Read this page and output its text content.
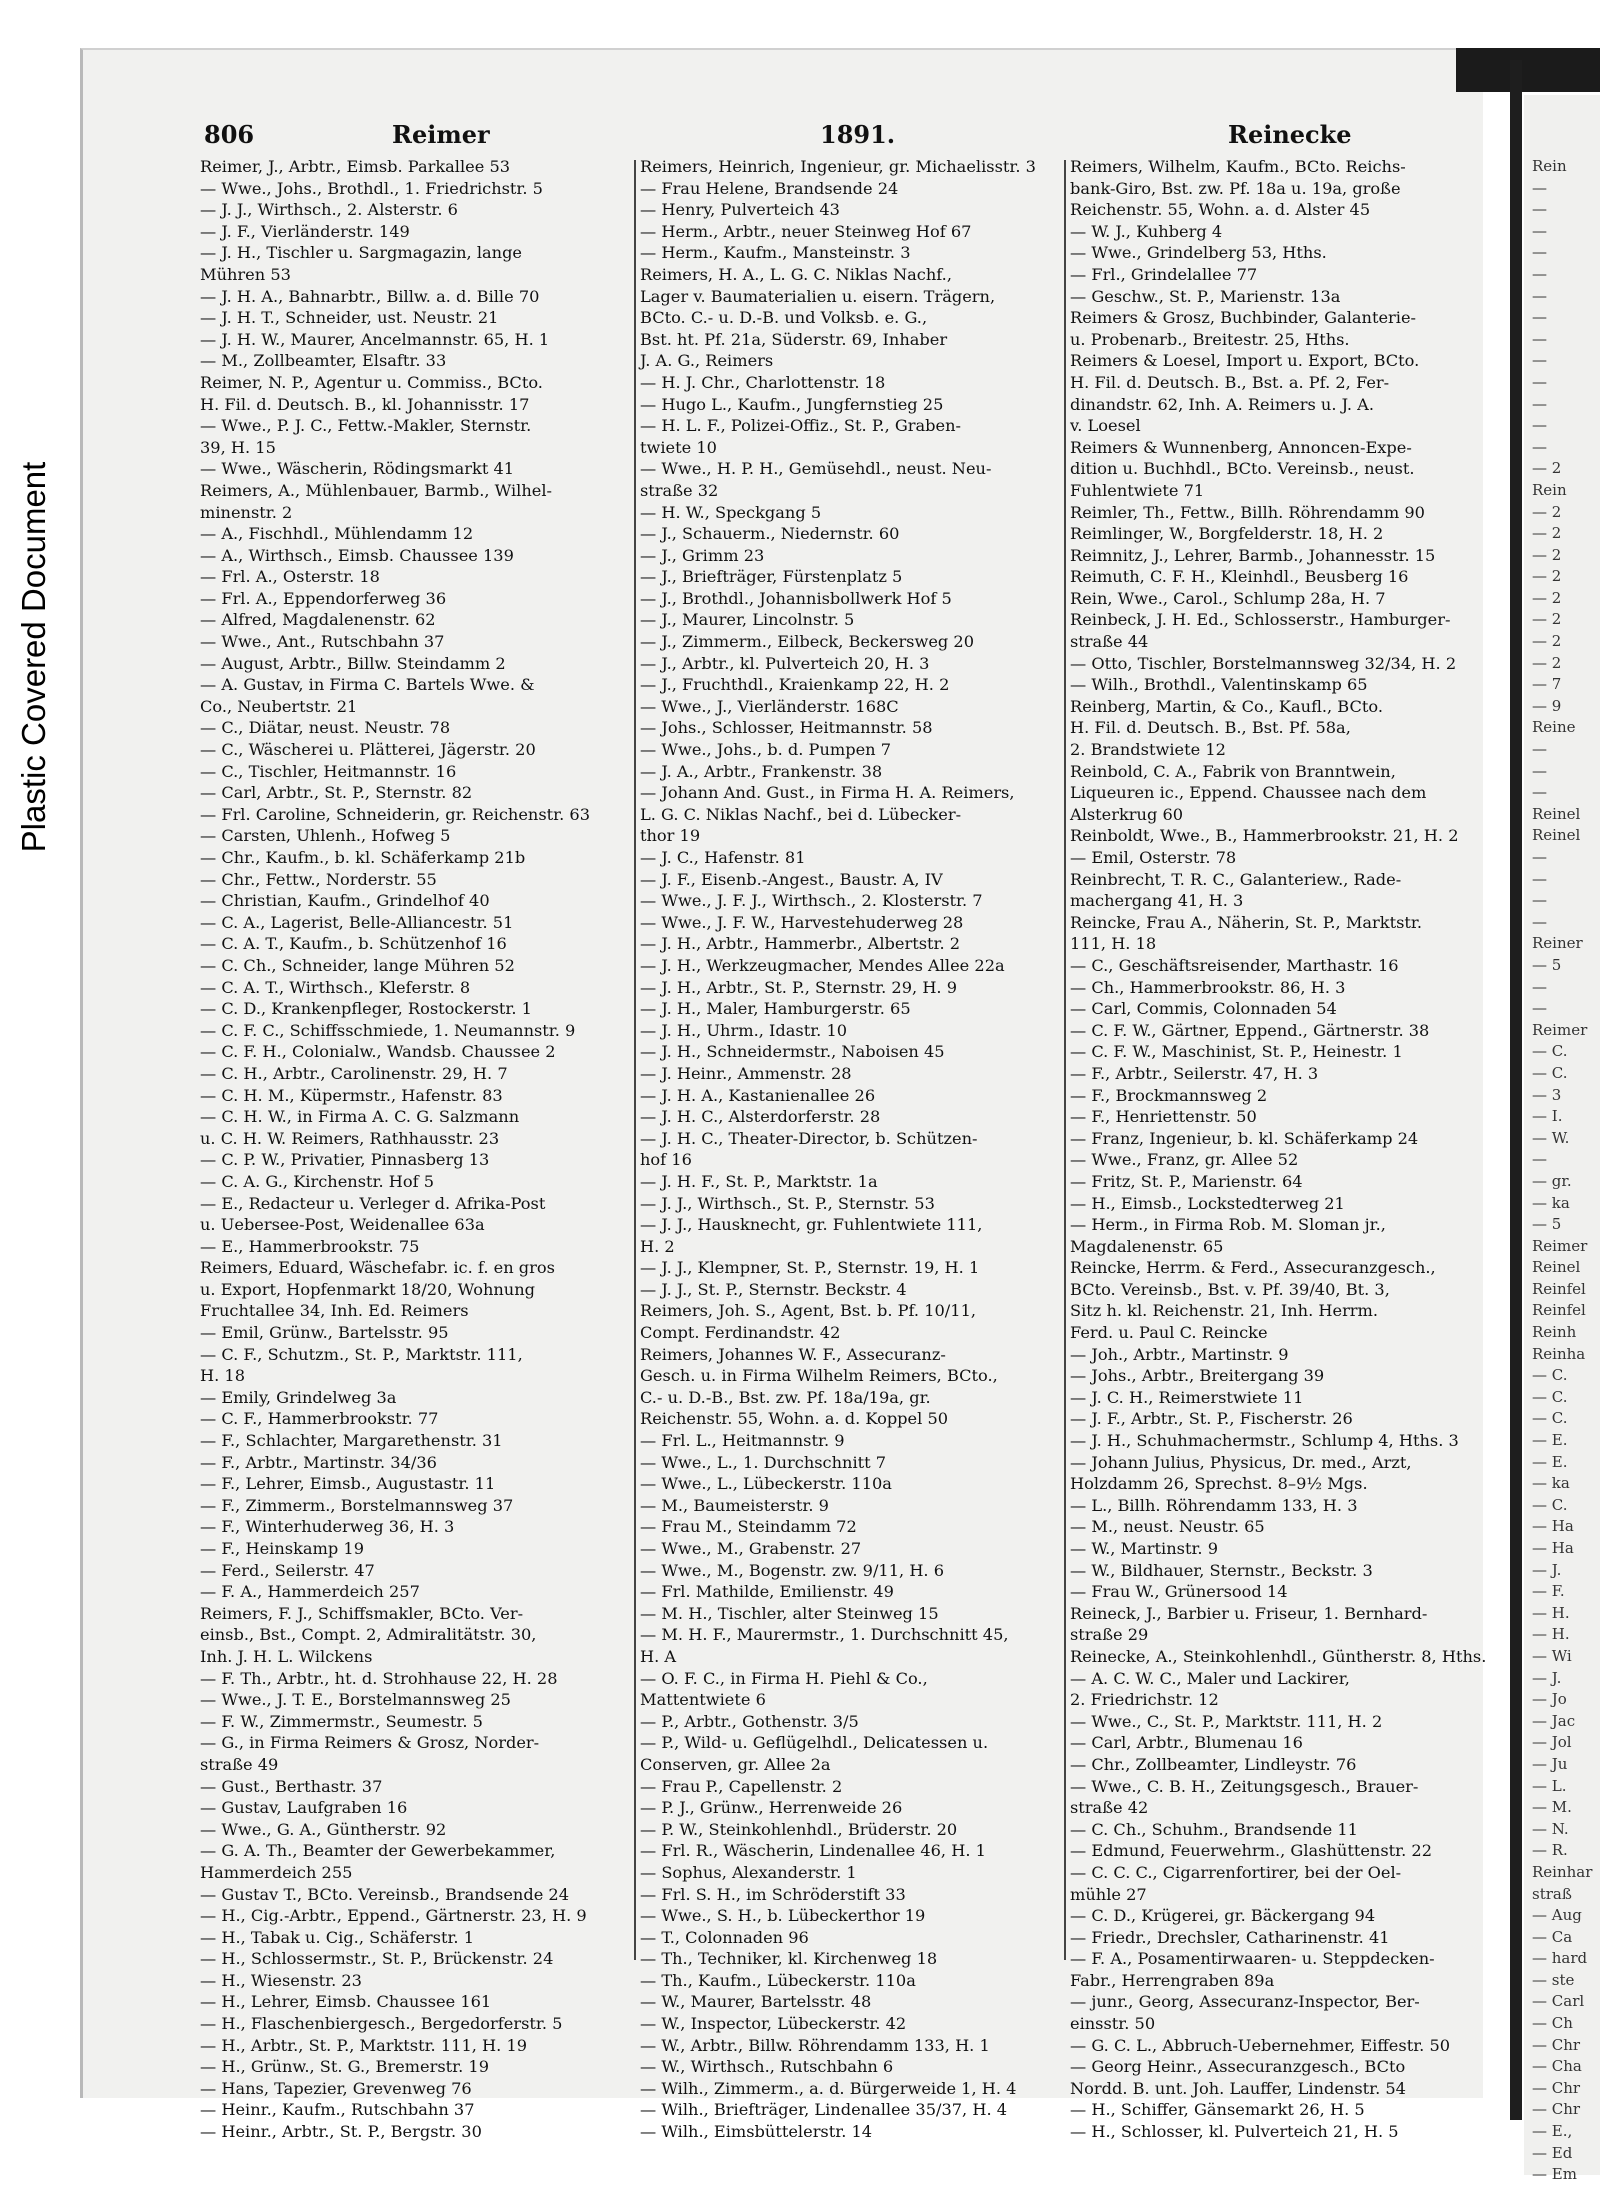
Plastic Covered Document
806	Reimer	1891.	Reinecke
Reimer, J., Arbtr., Eimsb. Parkallee 53
— Wwe., Johs., Brothdl., 1. Friedrichstr. 5
— J. J., Wirthsch., 2. Alsterstr. 6
— J. F., Vierländerstr. 149
— J. H., Tischler u. Sargmagazin, lange
Mühren 53
— J. H. A., Bahnarbtr., Billw. a. d. Bille 70
— J. H. T., Schneider, ust. Neustr. 21
— J. H. W., Maurer, Ancelmannstr. 65, H. 1
— M., Zollbeamter, Elsaftr. 33
Reimer, N. P., Agentur u. Commiss., BCto.
H. Fil. d. Deutsch. B., kl. Johannisstr. 17
— Wwe., P. J. C., Fettw.-Makler, Sternstr.
39, H. 15
— Wwe., Wäscherin, Rödingsmarkt 41
Reimers, A., Mühlenbauer, Barmb., Wilhel-
minenstr. 2
— A., Fischhdl., Mühlendamm 12
— A., Wirthsch., Eimsb. Chaussee 139
— Frl. A., Osterstr. 18
— Frl. A., Eppendorferweg 36
— Alfred, Magdalenenstr. 62
— Wwe., Ant., Rutschbahn 37
— August, Arbtr., Billw. Steindamm 2
— A. Gustav, in Firma C. Bartels Wwe. &
Co., Neubertstr. 21
— C., Diätar, neust. Neustr. 78
— C., Wäscherei u. Plätterei, Jägerstr. 20
— C., Tischler, Heitmannstr. 16
— Carl, Arbtr., St. P., Sternstr. 82
— Frl. Caroline, Schneiderin, gr. Reichenstr. 63
— Carsten, Uhlenh., Hofweg 5
— Chr., Kaufm., b. kl. Schäferkamp 21b
— Chr., Fettw., Norderstr. 55
— Christian, Kaufm., Grindelhof 40
— C. A., Lagerist, Belle-Alliancestr. 51
— C. A. T., Kaufm., b. Schützenhof 16
— C. Ch., Schneider, lange Mühren 52
— C. A. T., Wirthsch., Kleferstr. 8
— C. D., Krankenpfleger, Rostockerstr. 1
— C. F. C., Schiffsschmiede, 1. Neumannstr. 9
— C. F. H., Colonialw., Wandsb. Chaussee 2
— C. H., Arbtr., Carolinenstr. 29, H. 7
— C. H. M., Küpermstr., Hafenstr. 83
— C. H. W., in Firma A. C. G. Salzmann
u. C. H. W. Reimers, Rathhausstr. 23
— C. P. W., Privatier, Pinnasberg 13
— C. A. G., Kirchenstr. Hof 5
— E., Redacteur u. Verleger d. Afrika-Post
u. Uebersee-Post, Weidenallee 63a
— E., Hammerbrookstr. 75
Reimers, Eduard, Wäschefabr. ic. f. en gros
u. Export, Hopfenmarkt 18/20, Wohnung
Fruchtallee 34, Inh. Ed. Reimers
— Emil, Grünw., Bartelsstr. 95
— C. F., Schutzm., St. P., Marktstr. 111,
H. 18
— Emily, Grindelweg 3a
— C. F., Hammerbrookstr. 77
— F., Schlachter, Margarethenstr. 31
— F., Arbtr., Martinstr. 34/36
— F., Lehrer, Eimsb., Augustastr. 11
— F., Zimmerm., Borstelmannsweg 37
— F., Winterhuderweg 36, H. 3
— F., Heinskamp 19
— Ferd., Seilerstr. 47
— F. A., Hammerdeich 257
Reimers, F. J., Schiffsmakler, BCto. Ver-
einsb., Bst., Compt. 2, Admiralitätstr. 30,
Inh. J. H. L. Wilckens
— F. Th., Arbtr., ht. d. Strohhause 22, H. 28
— Wwe., J. T. E., Borstelmannsweg 25
— F. W., Zimmermstr., Seumestr. 5
— G., in Firma Reimers & Grosz, Norder-
straße 49
— Gust., Berthastr. 37
— Gustav, Laufgraben 16
— Wwe., G. A., Güntherstr. 92
— G. A. Th., Beamter der Gewerbekammer,
Hammerdeich 255
— Gustav T., BCto. Vereinsb., Brandsende 24
— H., Cig.-Arbtr., Eppend., Gärtnerstr. 23, H. 9
— H., Tabak u. Cig., Schäferstr. 1
— H., Schlossermstr., St. P., Brückenstr. 24
— H., Wiesenstr. 23
— H., Lehrer, Eimsb. Chaussee 161
— H., Flaschenbiergesch., Bergedorferstr. 5
— H., Arbtr., St. P., Marktstr. 111, H. 19
— H., Grünw., St. G., Bremerstr. 19
— Hans, Tapezier, Grevenweg 76
— Heinr., Kaufm., Rutschbahn 37
— Heinr., Arbtr., St. P., Bergstr. 30
Reimers, Heinrich, Ingenieur, gr. Michaelisstr. 3
— Frau Helene, Brandsende 24
— Henry, Pulverteich 43
— Herm., Arbtr., neuer Steinweg Hof 67
— Herm., Kaufm., Mansteinstr. 3
Reimers, H. A., L. G. C. Niklas Nachf.,
Lager v. Baumaterialien u. eisern. Trägern,
BCto. C.- u. D.-B. und Volksb. e. G.,
Bst. ht. Pf. 21a, Süderstr. 69, Inhaber
J. A. G., Reimers
— H. J. Chr., Charlottenstr. 18
— Hugo L., Kaufm., Jungfernstieg 25
— H. L. F., Polizei-Offiz., St. P., Graben-
twiete 10
— Wwe., H. P. H., Gemüsehdl., neust. Neu-
straße 32
— H. W., Speckgang 5
— J., Schauerm., Niedernstr. 60
— J., Grimm 23
— J., Briefträger, Fürstenplatz 5
— J., Brothdl., Johannisbollwerk Hof 5
— J., Maurer, Lincolnstr. 5
— J., Zimmerm., Eilbeck, Beckersweg 20
— J., Arbtr., kl. Pulverteich 20, H. 3
— J., Fruchthdl., Kraienkamp 22, H. 2
— Wwe., J., Vierländerstr. 168C
— Johs., Schlosser, Heitmannstr. 58
— Wwe., Johs., b. d. Pumpen 7
— J. A., Arbtr., Frankenstr. 38
— Johann And. Gust., in Firma H. A. Reimers,
L. G. C. Niklas Nachf., bei d. Lübecker-
thor 19
— J. C., Hafenstr. 81
— J. F., Eisenb.-Angest., Baustr. A, IV
— Wwe., J. F. J., Wirthsch., 2. Klosterstr. 7
— Wwe., J. F. W., Harvestehuderweg 28
— J. H., Arbtr., Hammerbr., Albertstr. 2
— J. H., Werkzeugmacher, Mendes Allee 22a
— J. H., Arbtr., St. P., Sternstr. 29, H. 9
— J. H., Maler, Hamburgerstr. 65
— J. H., Uhrm., Idastr. 10
— J. H., Schneidermstr., Naboisen 45
— J. Heinr., Ammenstr. 28
— J. H. A., Kastanienallee 26
— J. H. C., Alsterdorferstr. 28
— J. H. C., Theater-Director, b. Schützen-
hof 16
— J. H. F., St. P., Marktstr. 1a
— J. J., Wirthsch., St. P., Sternstr. 53
— J. J., Hausknecht, gr. Fuhlentwiete 111,
H. 2
— J. J., Klempner, St. P., Sternstr. 19, H. 1
— J. J., St. P., Sternstr. Beckstr. 4
Reimers, Joh. S., Agent, Bst. b. Pf. 10/11,
Compt. Ferdinandstr. 42
Reimers, Johannes W. F., Assecuranz-
Gesch. u. in Firma Wilhelm Reimers, BCto.,
C.- u. D.-B., Bst. zw. Pf. 18a/19a, gr.
Reichenstr. 55, Wohn. a. d. Koppel 50
— Frl. L., Heitmannstr. 9
— Wwe., L., 1. Durchschnitt 7
— Wwe., L., Lübeckerstr. 110a
— M., Baumeisterstr. 9
— Frau M., Steindamm 72
— Wwe., M., Grabenstr. 27
— Wwe., M., Bogenstr. zw. 9/11, H. 6
— Frl. Mathilde, Emilienstr. 49
— M. H., Tischler, alter Steinweg 15
— M. H. F., Maurermstr., 1. Durchschnitt 45,
H. A
— O. F. C., in Firma H. Piehl & Co.,
Mattentwiete 6
— P., Arbtr., Gothenstr. 3/5
— P., Wild- u. Geflügelhdl., Delicatessen u.
Conserven, gr. Allee 2a
— Frau P., Capellenstr. 2
— P. J., Grünw., Herrenweide 26
— P. W., Steinkohlenhdl., Brüderstr. 20
— Frl. R., Wäscherin, Lindenallee 46, H. 1
— Sophus, Alexanderstr. 1
— Frl. S. H., im Schröderstift 33
— Wwe., S. H., b. Lübeckerthor 19
— T., Colonnaden 96
— Th., Techniker, kl. Kirchenweg 18
— Th., Kaufm., Lübeckerstr. 110a
— W., Maurer, Bartelsstr. 48
— W., Inspector, Lübeckerstr. 42
— W., Arbtr., Billw. Röhrendamm 133, H. 1
— W., Wirthsch., Rutschbahn 6
— Wilh., Zimmerm., a. d. Bürgerweide 1, H. 4
— Wilh., Briefträger, Lindenallee 35/37, H. 4
— Wilh., Eimsbüttelerstr. 14
Reimers, Wilhelm, Kaufm., BCto. Reichs-
bank-Giro, Bst. zw. Pf. 18a u. 19a, große
Reichenstr. 55, Wohn. a. d. Alster 45
— W. J., Kuhberg 4
— Wwe., Grindelberg 53, Hths.
— Frl., Grindelallee 77
— Geschw., St. P., Marienstr. 13a
Reimers & Grosz, Buchbinder, Galanterie-
u. Probenarb., Breitestr. 25, Hths.
Reimers & Loesel, Import u. Export, BCto.
H. Fil. d. Deutsch. B., Bst. a. Pf. 2, Fer-
dinandstr. 62, Inh. A. Reimers u. J. A.
v. Loesel
Reimers & Wunnenberg, Annoncen-Expe-
dition u. Buchhdl., BCto. Vereinsb., neust.
Fuhlentwiete 71
Reimler, Th., Fettw., Billh. Röhrendamm 90
Reimlinger, W., Borgfelderstr. 18, H. 2
Reimnitz, J., Lehrer, Barmb., Johannesstr. 15
Reimuth, C. F. H., Kleinhdl., Beusberg 16
Rein, Wwe., Carol., Schlump 28a, H. 7
Reinbeck, J. H. Ed., Schlosserstr., Hamburger-
straße 44
— Otto, Tischler, Borstelmannsweg 32/34, H. 2
— Wilh., Brothdl., Valentinskamp 65
Reinberg, Martin, & Co., Kaufl., BCto.
H. Fil. d. Deutsch. B., Bst. Pf. 58a,
2. Brandstwiete 12
Reinbold, C. A., Fabrik von Branntwein,
Liqueuren ic., Eppend. Chaussee nach dem
Alsterkrug 60
Reinboldt, Wwe., B., Hammerbrookstr. 21, H. 2
— Emil, Osterstr. 78
Reinbrecht, T. R. C., Galanteriew., Rade-
machergang 41, H. 3
Reincke, Frau A., Näherin, St. P., Marktstr.
111, H. 18
— C., Geschäftsreisender, Marthastr. 16
— Ch., Hammerbrookstr. 86, H. 3
— Carl, Commis, Colonnaden 54
— C. F. W., Gärtner, Eppend., Gärtnerstr. 38
— C. F. W., Maschinist, St. P., Heinestr. 1
— F., Arbtr., Seilerstr. 47, H. 3
— F., Brockmannsweg 2
— F., Henriettenstr. 50
— Franz, Ingenieur, b. kl. Schäferkamp 24
— Wwe., Franz, gr. Allee 52
— Fritz, St. P., Marienstr. 64
— H., Eimsb., Lockstedterweg 21
— Herm., in Firma Rob. M. Sloman jr.,
Magdalenenstr. 65
Reincke, Herrm. & Ferd., Assecuranzgesch.,
BCto. Vereinsb., Bst. v. Pf. 39/40, Bt. 3,
Sitz h. kl. Reichenstr. 21, Inh. Herrm.
Ferd. u. Paul C. Reincke
— Joh., Arbtr., Martinstr. 9
— Johs., Arbtr., Breitergang 39
— J. C. H., Reimerstwiete 11
— J. F., Arbtr., St. P., Fischerstr. 26
— J. H., Schuhmachermstr., Schlump 4, Hths. 3
— Johann Julius, Physicus, Dr. med., Arzt,
Holzdamm 26, Sprechst. 8–9½ Mgs.
— L., Billh. Röhrendamm 133, H. 3
— M., neust. Neustr. 65
— W., Martinstr. 9
— W., Bildhauer, Sternstr., Beckstr. 3
— Frau W., Grünersood 14
Reineck, J., Barbier u. Friseur, 1. Bernhard-
straße 29
Reinecke, A., Steinkohlenhdl., Güntherstr. 8, Hths.
— A. C. W. C., Maler und Lackirer,
2. Friedrichstr. 12
— Wwe., C., St. P., Marktstr. 111, H. 2
— Carl, Arbtr., Blumenau 16
— Chr., Zollbeamter, Lindleystr. 76
— Wwe., C. B. H., Zeitungsgesch., Brauer-
straße 42
— C. Ch., Schuhm., Brandsende 11
— Edmund, Feuerwehrm., Glashüttenstr. 22
— C. C. C., Cigarrenfortirer, bei der Oel-
mühle 27
— C. D., Krügerei, gr. Bäckergang 94
— Friedr., Drechsler, Catharinenstr. 41
— F. A., Posamentirwaaren- u. Steppdecken-
Fabr., Herrengraben 89a
— junr., Georg, Assecuranz-Inspector, Ber-
einsstr. 50
— G. C. L., Abbruch-Uebernehmer, Eiffestr. 50
— Georg Heinr., Assecuranzgesch., BCto
Nordd. B. unt. Joh. Lauffer, Lindenstr. 54
— H., Schiffer, Gänsemarkt 26, H. 5
— H., Schlosser, kl. Pulverteich 21, H. 5
Rein
—
—
—
—
—
—
—
—
—
—
—
—
—
— 2
Rein
— 2
— 2
— 2
— 2
— 2
— 2
— 2
— 2
— 7
— 9
Reine
—
—
—
Reinel
Reinel
—
—
—
—
Reiner
— 5
—
—
Reimer
— C.
— C.
— 3
— I.
— W.
—
— gr.
— ka
— 5
Reimer
Reinel
Reinfel
Reinfel
Reinh
Reinha
— C.
— C.
— C.
— E.
— E.
— ka
— C.
— Ha
— Ha
— J.
— F.
— H.
— H.
— Wi
— J.
— Jo
— Jac
— Jol
— Ju
— L.
— M.
— N.
— R.
Reinhar
straß
— Aug
— Ca
— hard
— ste
— Carl
— Ch
— Chr
— Cha
— Chr
— Chr
— E.,
— Ed
— Em
